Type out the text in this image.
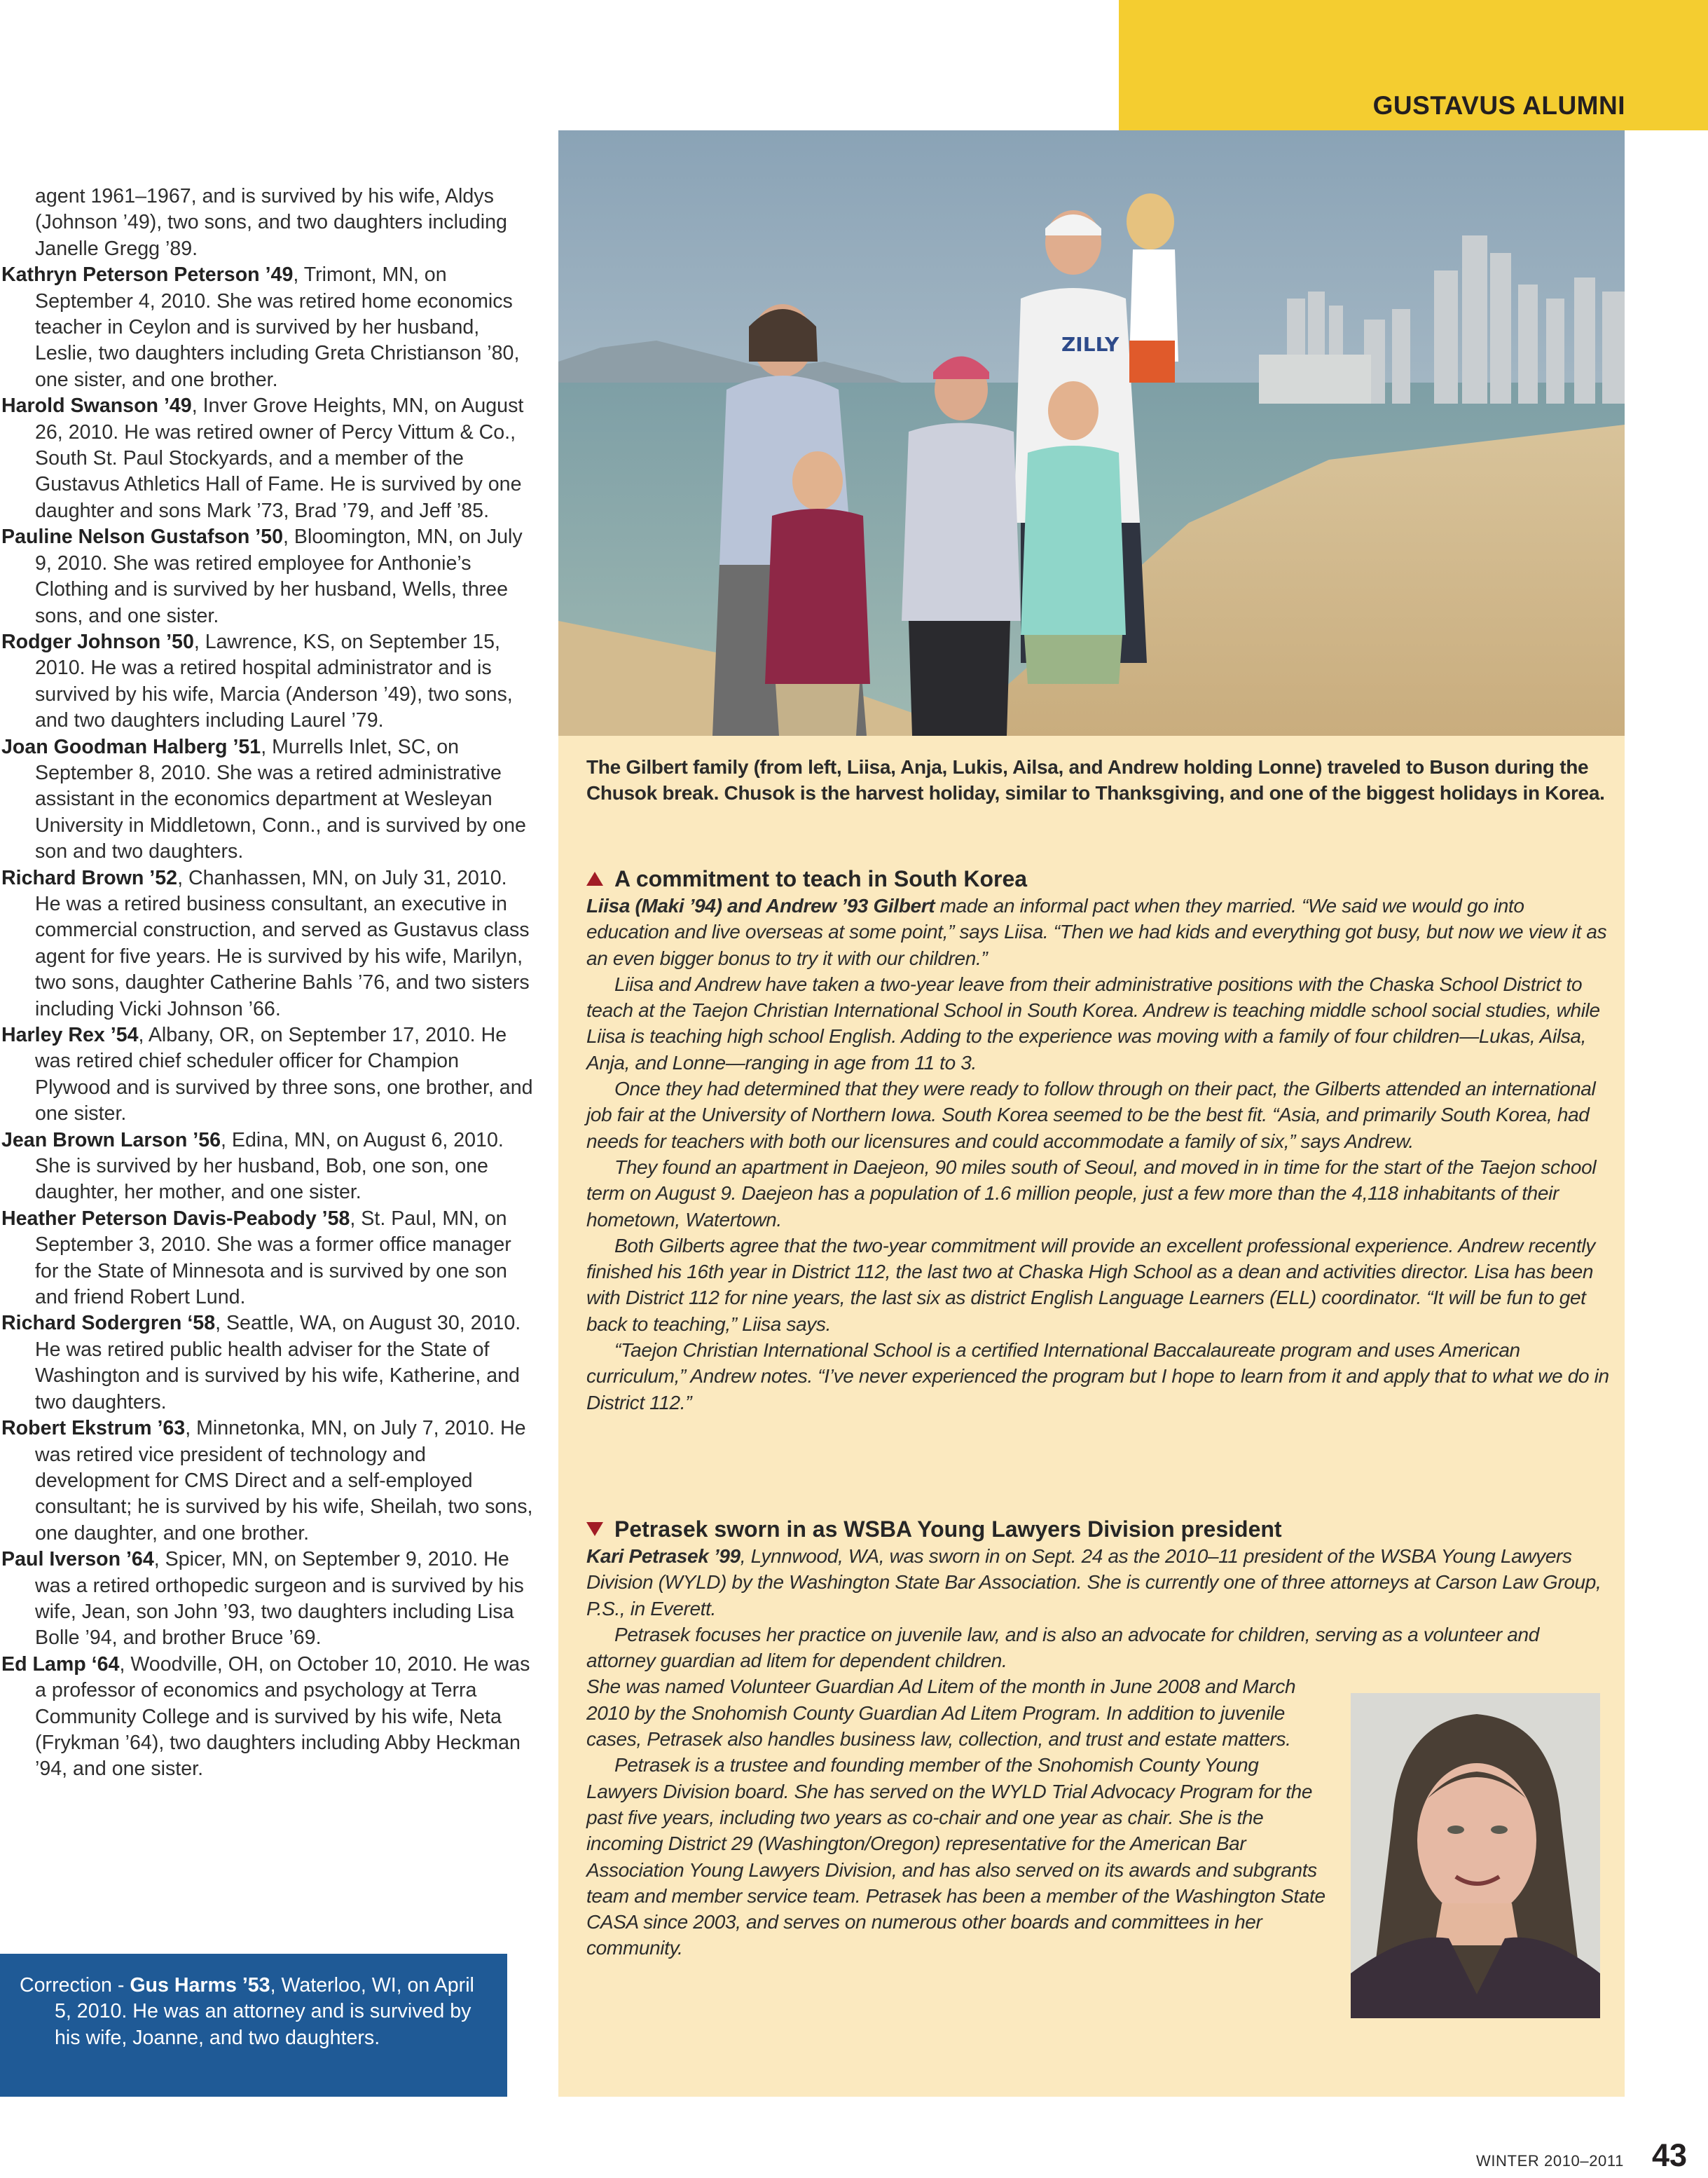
GUSTAVUS ALUMNI

agent 1961–1967, and is survived by his wife, Aldys (Johnson ’49), two sons, and two daughters including Janelle Gregg ’89.

Kathryn Peterson Peterson ’49, Trimont, MN, on September 4, 2010. She was retired home economics teacher in Ceylon and is survived by her husband, Leslie, two daughters including Greta Christianson ’80, one sister, and one brother.

Harold Swanson ’49, Inver Grove Heights, MN, on August 26, 2010. He was retired owner of Percy Vittum & Co., South St. Paul Stockyards, and a member of the Gustavus Athletics Hall of Fame. He is survived by one daughter and sons Mark ’73, Brad ’79, and Jeff ’85.

Pauline Nelson Gustafson ’50, Bloomington, MN, on July 9, 2010. She was retired employee for Anthonie’s Clothing and is survived by her husband, Wells, three sons, and one sister.

Rodger Johnson ’50, Lawrence, KS, on September 15, 2010. He was a retired hospital administrator and is survived by his wife, Marcia (Anderson ’49), two sons, and two daughters including Laurel ’79.

Joan Goodman Halberg ’51, Murrells Inlet, SC, on September 8, 2010. She was a retired administrative assistant in the economics department at Wesleyan University in Middletown, Conn., and is survived by one son and two daughters.

Richard Brown ’52, Chanhassen, MN, on July 31, 2010. He was a retired business consultant, an executive in commercial construction, and served as Gustavus class agent for five years. He is survived by his wife, Marilyn, two sons, daughter Catherine Bahls ’76, and two sisters including Vicki Johnson ’66.

Harley Rex ’54, Albany, OR, on September 17, 2010. He was retired chief scheduler officer for Champion Plywood and is survived by three sons, one brother, and one sister.

Jean Brown Larson ’56, Edina, MN, on August 6, 2010. She is survived by her husband, Bob, one son, one daughter, her mother, and one sister.

Heather Peterson Davis-Peabody ’58, St. Paul, MN, on September 3, 2010. She was a former office manager for the State of Minnesota and is survived by one son and friend Robert Lund.

Richard Sodergren ‘58, Seattle, WA, on August 30, 2010. He was retired public health adviser for the State of Washington and is survived by his wife, Katherine, and two daughters.

Robert Ekstrum ’63, Minnetonka, MN, on July 7, 2010. He was retired vice president of technology and development for CMS Direct and a self-employed consultant; he is survived by his wife, Sheilah, two sons, one daughter, and one brother.

Paul Iverson ’64, Spicer, MN, on September 9, 2010. He was a retired orthopedic surgeon and is survived by his wife, Jean, son John ’93, two daughters including Lisa Bolle ’94, and brother Bruce ’69.

Ed Lamp ‘64, Woodville, OH, on October 10, 2010. He was a professor of economics and psychology at Terra Community College and is survived by his wife, Neta (Frykman ’64), two daughters including Abby Heckman ’94, and one sister.

Correction - Gus Harms ’53, Waterloo, WI, on April 5, 2010. He was an attorney and is survived by his wife, Joanne, and two daughters.

ZILLY
The Gilbert family (from left, Liisa, Anja, Lukis, Ailsa, and Andrew holding Lonne) traveled to Buson during the Chusok break. Chusok is the harvest holiday, similar to Thanksgiving, and one of the biggest holidays in Korea.
A commitment to teach in South Korea

Liisa (Maki ’94) and Andrew ’93 Gilbert made an informal pact when they married. “We said we would go into education and live overseas at some point,” says Liisa. “Then we had kids and everything got busy, but now we view it as an even bigger bonus to try it with our children.”

Liisa and Andrew have taken a two-year leave from their administrative positions with the Chaska School District to teach at the Taejon Christian International School in South Korea. Andrew is teaching middle school social studies, while Liisa is teaching high school English. Adding to the experience was moving with a family of four children—Lukas, Ailsa, Anja, and Lonne—ranging in age from 11 to 3.

Once they had determined that they were ready to follow through on their pact, the Gilberts attended an international job fair at the University of Northern Iowa. South Korea seemed to be the best fit. “Asia, and primarily South Korea, had needs for teachers with both our licensures and could accommodate a family of six,” says Andrew.

They found an apartment in Daejeon, 90 miles south of Seoul, and moved in in time for the start of the Taejon school term on August 9. Daejeon has a population of 1.6 million people, just a few more than the 4,118 inhabitants of their hometown, Watertown.

Both Gilberts agree that the two-year commitment will provide an excellent professional experience. Andrew recently finished his 16th year in District 112, the last two at Chaska High School as a dean and activities director. Lisa has been with District 112 for nine years, the last six as district English Language Learners (ELL) coordinator. “It will be fun to get back to teaching,” Liisa says.

“Taejon Christian International School is a certified International Baccalaureate program and uses American curriculum,” Andrew notes. “I’ve never experienced the program but I hope to learn from it and apply that to what we do in District 112.”

Petrasek sworn in as WSBA Young Lawyers Division president

Kari Petrasek ’99, Lynnwood, WA, was sworn in on Sept. 24 as the 2010–11 president of the WSBA Young Lawyers Division (WYLD) by the Washington State Bar Association. She is currently one of three attorneys at Carson Law Group, P.S., in Everett.

Petrasek focuses her practice on juvenile law, and is also an advocate for children, serving as a volunteer and attorney guardian ad litem for dependent children.

She was named Volunteer Guardian Ad Litem of the month in June 2008 and March 2010 by the Snohomish County Guardian Ad Litem Program. In addition to juvenile cases, Petrasek also handles business law, collection, and trust and estate matters.

Petrasek is a trustee and founding member of the Snohomish County Young Lawyers Division board. She has served on the WYLD Trial Advocacy Program for the past five years, including two years as co-chair and one year as chair. She is the incoming District 29 (Washington/Oregon) representative for the American Bar Association Young Lawyers Division, and has also served on its awards and subgrants team and member service team. Petrasek has been a member of the Washington State CASA since 2003, and serves on numerous other boards and committees in her community.

WINTER 2010–2011 43
